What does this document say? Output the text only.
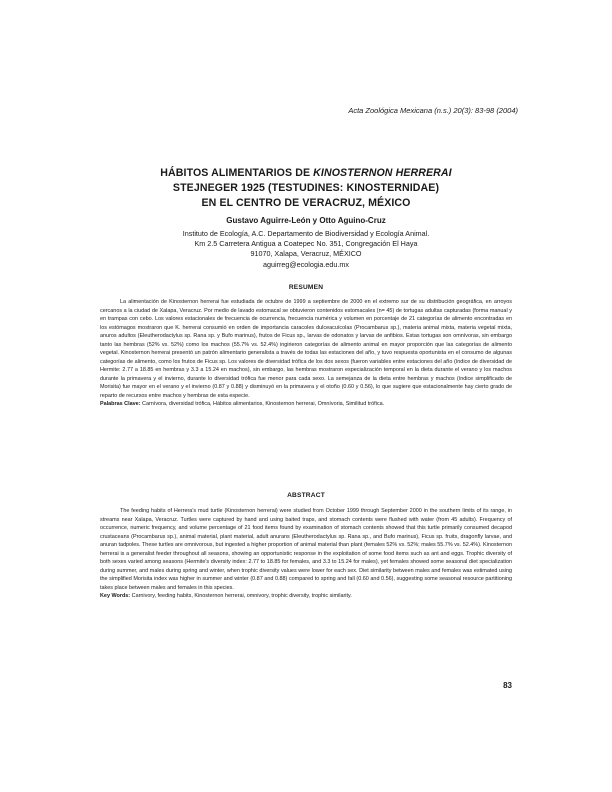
Acta Zoológica Mexicana (n.s.) 20(3): 83-98 (2004)
HÁBITOS ALIMENTARIOS DE KINOSTERNON HERRERAI
STEJNEGER 1925 (TESTUDINES: KINOSTERNIDAE)
EN EL CENTRO DE VERACRUZ, MÉXICO
Gustavo Aguirre-León y Otto Aguino-Cruz
Instituto de Ecología, A.C. Departamento de Biodiversidad y Ecología Animal.
Km 2.5 Carretera Antigua a Coatepec No. 351, Congregación El Haya
91070, Xalapa, Veracruz, MÉXICO
aguirreg@ecologia.edu.mx
RESUMEN

La alimentación de Kinosternon herrerai fue estudiada de octubre de 1999 a septiembre de 2000 en el extremo sur de su distribución geográfica, en arroyos cercanos a la ciudad de Xalapa, Veracruz. Por medio de lavado estomacal se obtuvieron contenidos estomacales (n= 45) de tortugas adultas capturadas (forma manual y en trampas con cebo. Los valores estacionales de frecuencia de ocurrencia, frecuencia numérica y volumen en porcentaje de 21 categorías de alimento encontradas en los estómagos mostraron que K. herrerai consumió en orden de importancia caracoles dulceacuícolas (Procambarus sp.), materia animal mixta, materia vegetal mixta, anuros adultos (Eleutherodactylus sp. Rana sp. y Bufo marinus), frutos de Ficus sp., larvas de odonatos y larvas de anfibios. Estas tortugas son omnívoras, sin embargo tanto las hembras (52% vs. 52%) como los machos (55.7% vs. 52.4%) ingirieron categorías de alimento animal en mayor proporción que las categorías de alimento vegetal. Kinosternon herrerai presentó un patrón alimentario generalista a través de todas las estaciones del año, y tuvo respuesta oportunista en el consumo de algunas categorías de alimento, como los frutos de Ficus sp. Los valores de diversidad trófica de los dos sexos (fueron variables entre estaciones del año (índice de diversidad de Hermite: 2.77 a 18.85 en hembras y 3.3 a 15.24 en machos), sin embargo, las hembras mostraron especialización temporal en la dieta durante el verano y los machos durante la primavera y el invierno, durante lo diversidad trófica fue menor para cada sexo. La semejanza de la dieta entre hembras y machos (índice simplificado de Morisita) fue mayor en el verano y el invierno (0.87 y 0.88) y disminuyó en la primavera y el otoño (0.60 y 0.56), lo que sugiere que estacionalmente hay cierto grado de reparto de recursos entre machos y hembras de esta especie.

Palabras Clave: Carnívora, diversidad trófica, Hábitos alimentarios, Kinosternon herrerai, Omnívoria, Similitud trófica.
ABSTRACT

The feeding habits of Herrera's mud turtle (Kinosternon herrerai) were studied from October 1999 through September 2000 in the southern limits of its range, in streams near Xalapa, Veracruz. Turtles were captured by hand and using baited traps, and stomach contents were flushed with water (from 45 adults). Frequency of occurrence, numeric frequency, and volume percentage of 21 food items found by examination of stomach contents showed that this turtle primarily consumed decapod crustaceans (Procambarus sp.), animal material, plant material, adult anurans (Eleutherodactylus sp. Rana sp., and Bufo marinus), Ficus sp. fruits, dragonfly larvae, and anuran tadpoles. These turtles are omnivorous, but ingested a higher proportion of animal material than plant (females 52% vs. 52%; males 55.7% vs. 52.4%). Kinosternon herrerai is a generalist feeder throughout all seasons, showing an opportunistic response in the exploitation of some food items such as ant and eggs. Trophic diversity of both sexes varied among seasons (Hermite's diversity index: 2.77 to 18.85 for females, and 3.3 to 15.24 for males), yet females showed some seasonal diet specialization during summer, and males during spring and winter, when trophic diversity values were lower for each sex. Diet similarity between males and females was estimated using the simplified Morisita index was higher in summer and winter (0.87 and 0.88) compared to spring and fall (0.60 and 0.56), suggesting some seasonal resource partitioning takes place between males and females in this species.

Key Words: Carnivory, feeding habits, Kinosternon herrerai, omnivory, trophic diversity, trophic similarity.
83
